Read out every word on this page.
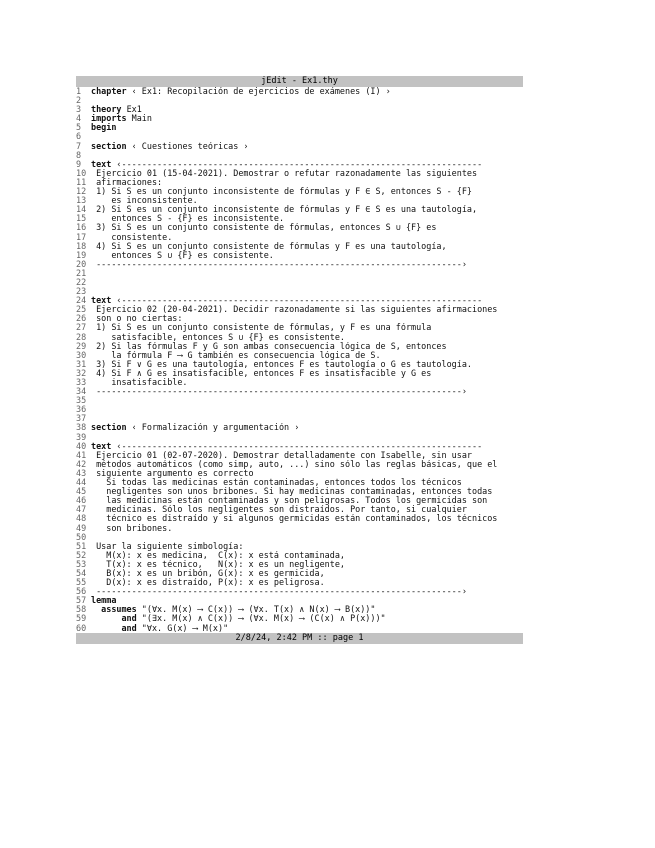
jEdit - Ex1.thy
1	chapter ‹ Ex1: Recopilación de ejercicios de exámenes (I) ›
2
3	theory Ex1
4	imports Main
5	begin
6
7	section ‹ Cuestiones teóricas ›
8
9	text ‹-----------------------------------------------------------------------
10 Ejercicio 01 (15-04-2021). Demostrar o refutar razonadamente las siguientes
11 afirmaciones:
12 1) Si S es un conjunto inconsistente de fórmulas y F ∈ S, entonces S - {F}
13 es inconsistente.
14 2) Si S es un conjunto inconsistente de fórmulas y F ∈ S es una tautología,
15 entonces S - {F} es inconsistente.
16 3) Si S es un conjunto consistente de fórmulas, entonces S ∪ {F} es
17 consistente.
18 4) Si S es un conjunto consistente de fórmulas y F es una tautología,
19 entonces S ∪ {F} es consistente.
20 ------------------------------------------------------------------------›
21
22
23
24 text ‹-----------------------------------------------------------------------
25 Ejercicio 02 (20-04-2021). Decidir razonadamente si las siguientes afirmaciones
26 son o no ciertas:
27 1) Si S es un conjunto consistente de fórmulas, y F es una fórmula
28 satisfacible, entonces S ∪ {F} es consistente.
29 2) Si las fórmulas F y G son ambas consecuencia lógica de S, entonces
30 la fórmula F ⟶ G también es consecuencia lógica de S.
31 3) Si F ∨ G es una tautología, entonces F es tautología o G es tautología.
32 4) Si F ∧ G es insatisfacible, entonces F es insatisfacible y G es
33 insatisfacible.
34 ------------------------------------------------------------------------›
35
36
37
38 section ‹ Formalización y argumentación ›
39
40 text ‹-----------------------------------------------------------------------
41 Ejercicio 01 (02-07-2020). Demostrar detalladamente con Isabelle, sin usar
42 métodos automáticos (como simp, auto, ...) sino sólo las reglas básicas, que el
43 siguiente argumento es correcto
44 Si todas las medicinas están contaminadas, entonces todos los técnicos
45 negligentes son unos bribones. Si hay medicinas contaminadas, entonces todas
46 las medicinas están contaminadas y son peligrosas. Todos los germicidas son
47 medicinas. Sólo los negligentes son distraídos. Por tanto, si cualquier
48 técnico es distraído y si algunos germicidas están contaminados, los técnicos
49 son bribones.
50
51 Usar la siguiente simbología:
52 M(x): x es medicina,  C(x): x está contaminada,
53 T(x): x es técnico,   N(x): x es un negligente,
54 B(x): x es un bribón, G(x): x es germicida,
55 D(x): x es distraído, P(x): x es peligrosa.
56 ------------------------------------------------------------------------›
57 lemma
58 assumes "(∀x. M(x) ⟶ C(x)) ⟶ (∀x. T(x) ∧ N(x) ⟶ B(x))"
59 and "(∃x. M(x) ∧ C(x)) ⟶ (∀x. M(x) ⟶ (C(x) ∧ P(x)))"
60 and "∀x. G(x) ⟶ M(x)"
2/8/24, 2:42 PM :: page 1
